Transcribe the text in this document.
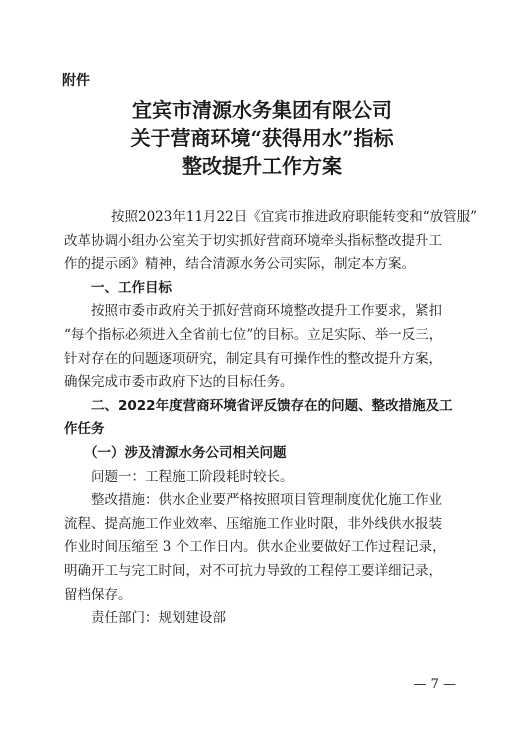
附件
宜宾市清源水务集团有限公司
关于营商环境“获得用水”指标
整改提升工作方案
按照2023年11月22日《宜宾市推进政府职能转变和“放管服”
改革协调小组办公室关于切实抓好营商环境牵头指标整改提升工
作的提示函》精神，结合清源水务公司实际，制定本方案。
一、工作目标
按照市委市政府关于抓好营商环境整改提升工作要求，紧扣
“每个指标必须进入全省前七位”的目标。立足实际、举一反三，
针对存在的问题逐项研究，制定具有可操作性的整改提升方案，
确保完成市委市政府下达的目标任务。
二、2022年度营商环境省评反馈存在的问题、整改措施及工
作任务
（一）涉及清源水务公司相关问题
问题一：工程施工阶段耗时较长。
整改措施：供水企业要严格按照项目管理制度优化施工作业
流程、提高施工作业效率、压缩施工作业时限，非外线供水报装
作业时间压缩至 3 个工作日内。供水企业要做好工作过程记录，
明确开工与完工时间，对不可抗力导致的工程停工要详细记录，
留档保存。
责任部门：规划建设部
— 7 —
